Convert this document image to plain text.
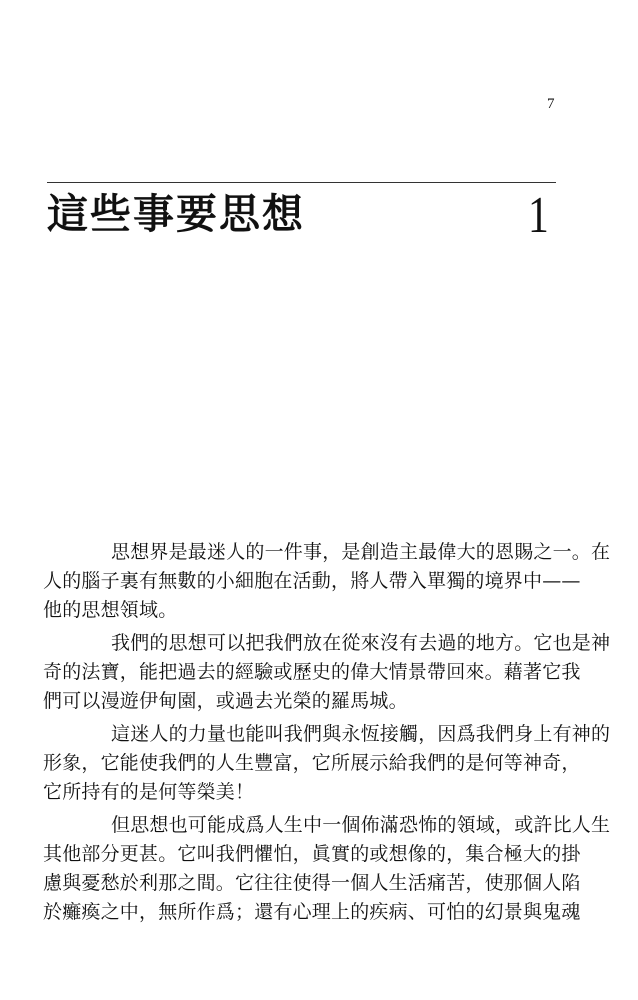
7
這些事要思想	1
思想界是最迷人的一件事，是創造主最偉大的恩賜之一。在
人的腦子裏有無數的小細胞在活動，將人帶入單獨的境界中——
他的思想領域。
我們的思想可以把我們放在從來沒有去過的地方。它也是神
奇的法寶，能把過去的經驗或歷史的偉大情景帶回來。藉著它我
們可以漫遊伊甸園，或過去光榮的羅馬城。
這迷人的力量也能叫我們與永恆接觸，因爲我們身上有神的
形象，它能使我們的人生豐富，它所展示給我們的是何等神奇，
它所持有的是何等榮美！
但思想也可能成爲人生中一個佈滿恐怖的領域，或許比人生
其他部分更甚。它叫我們懼怕，眞實的或想像的，集合極大的掛
慮與憂愁於利那之間。它往往使得一個人生活痛苦，使那個人陷
於癱瘓之中，無所作爲；還有心理上的疾病、可怕的幻景與鬼魂
